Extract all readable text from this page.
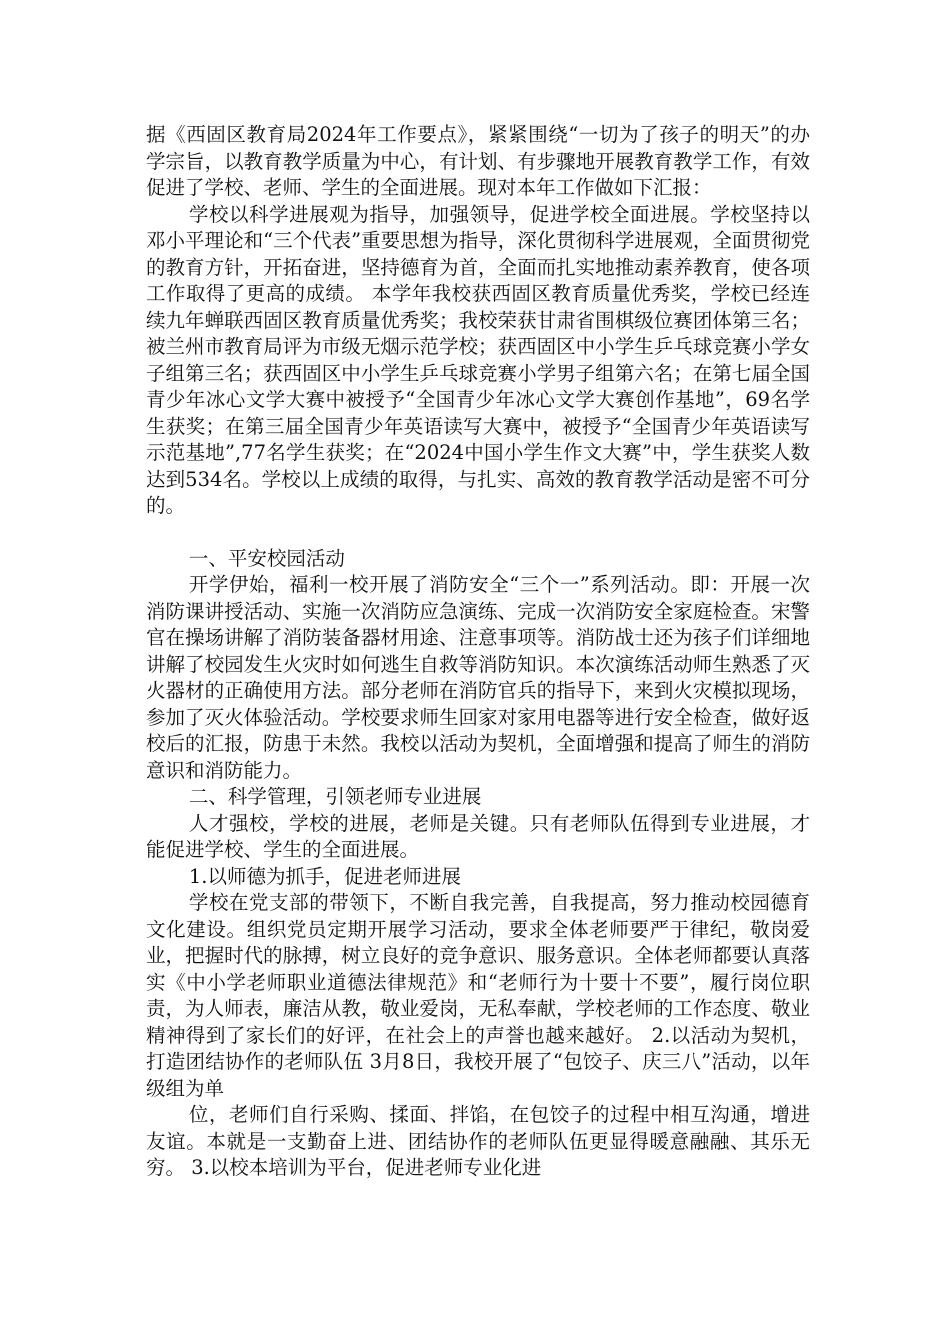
据《西固区教育局2024年工作要点》，紧紧围绕“一切为了孩子的明天”的办学宗旨，以教育教学质量为中心，有计划、有步骤地开展教育教学工作，有效促进了学校、老师、学生的全面进展。现对本年工作做如下汇报：

学校以科学进展观为指导，加强领导，促进学校全面进展。学校坚持以邓小平理论和“三个代表”重要思想为指导，深化贯彻科学进展观，全面贯彻党的教育方针，开拓奋进，坚持德育为首，全面而扎实地推动素养教育，使各项工作取得了更高的成绩。 本学年我校获西固区教育质量优秀奖，学校已经连续九年蝉联西固区教育质量优秀奖；我校荣获甘肃省围棋级位赛团体第三名；被兰州市教育局评为市级无烟示范学校；获西固区中小学生乒乓球竞赛小学女子组第三名；获西固区中小学生乒乓球竞赛小学男子组第六名；在第七届全国青少年冰心文学大赛中被授予“全国青少年冰心文学大赛创作基地”，69名学生获奖；在第三届全国青少年英语读写大赛中，被授予“全国青少年英语读写示范基地”,77名学生获奖；在“2024中国小学生作文大赛”中，学生获奖人数达到534名。学校以上成绩的取得，与扎实、高效的教育教学活动是密不可分的。

一、平安校园活动

开学伊始，福利一校开展了消防安全“三个一”系列活动。即：开展一次消防课讲授活动、实施一次消防应急演练、完成一次消防安全家庭检查。宋警官在操场讲解了消防装备器材用途、注意事项等。消防战士还为孩子们详细地讲解了校园发生火灾时如何逃生自救等消防知识。本次演练活动师生熟悉了灭火器材的正确使用方法。部分老师在消防官兵的指导下，来到火灾模拟现场，参加了灭火体验活动。学校要求师生回家对家用电器等进行安全检查，做好返校后的汇报，防患于未然。我校以活动为契机，全面增强和提高了师生的消防意识和消防能力。

二、科学管理，引领老师专业进展

人才强校，学校的进展，老师是关键。只有老师队伍得到专业进展，才能促进学校、学生的全面进展。

1.以师德为抓手，促进老师进展

学校在党支部的带领下，不断自我完善，自我提高，努力推动校园德育文化建设。组织党员定期开展学习活动，要求全体老师要严于律纪，敬岗爱业，把握时代的脉搏，树立良好的竞争意识、服务意识。全体老师都要认真落实《中小学老师职业道德法律规范》和“老师行为十要十不要”，履行岗位职责，为人师表，廉洁从教，敬业爱岗，无私奉献，学校老师的工作态度、敬业精神得到了家长们的好评，在社会上的声誉也越来越好。 2.以活动为契机，打造团结协作的老师队伍 3月8日，我校开展了“包饺子、庆三八”活动，以年级组为单

位，老师们自行采购、揉面、拌馅，在包饺子的过程中相互沟通，增进友谊。本就是一支勤奋上进、团结协作的老师队伍更显得暖意融融、其乐无穷。 3.以校本培训为平台，促进老师专业化进
